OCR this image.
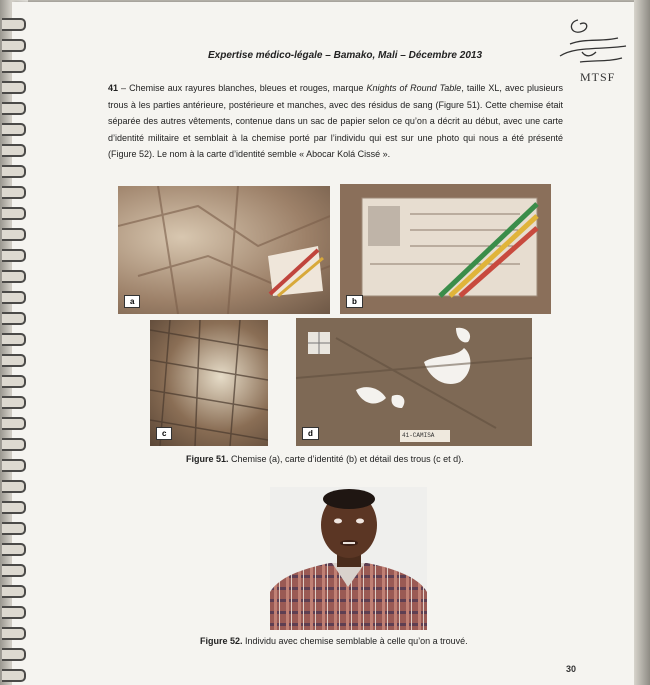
Expertise médico-légale – Bamako, Mali – Décembre 2013
MTSF
41 – Chemise aux rayures blanches, bleues et rouges, marque Knights of Round Table, taille XL, avec plusieurs trous à les parties antérieure, postérieure et manches, avec des résidus de sang (Figure 51). Cette chemise était séparée des autres vêtements, contenue dans un sac de papier selon ce qu’on a décrit au début, avec une carte d’identité militaire et semblait à la chemise porté par l’individu qui est sur une photo qui nous a été présenté (Figure 52). Le nom à la carte d’identité semble « Abocar Kolá Cissé ».
a	b
c	41-CAMISA
d
Figure 51. Chemise (a), carte d’identité (b) et détail des trous (c et d).
Figure 52. Individu avec chemise semblable à celle qu’on a trouvé.
30
